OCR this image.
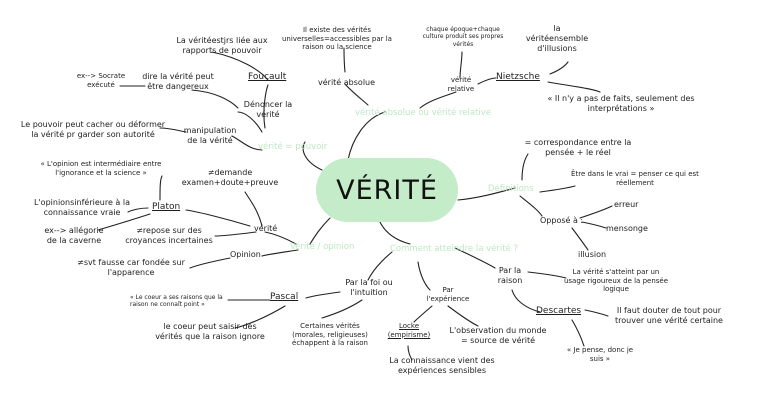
VÉRITÉ
vérité = pouvoir
vérité absolue ou vérité relative
Définitions
Comment atteindre la vérité ?
Vérité / opinion
La véritéestjrs liée aux rapports de pouvoir
Foucault
ex--> Socrate exécuté
dire la vérité peut être dangereux
Dénoncer la vérité
Le pouvoir peut cacher ou déformer la vérité pr garder son autorité	manipulation de la vérité
Il existe des vérités universelles=accessibles par la raison ou la science
vérité absolue
chaque époque+chaque culture produit ses propres vérités
vérité relative
Nietzsche
la véritéensemble d'illusions
« Il n'y a pas de faits, seulement des interprétations »
= correspondance entre la pensée + le réel
Être dans le vrai = penser ce qui est réellement
Opposé à :
erreur
mensonge
illusion
« L'opinion est intermédiaire entre l'ignorance et la science »	≠demande examen+doute+preuve
Platon
L'opinionsinférieure à la connaissance vraie
ex--> allégorie de la caverne
≠repose sur des croyances incertaines
vérité
Opinion
≠svt fausse car fondée sur l'apparence
Par la foi ou l'intuition
Pascal
« Le coeur a ses raisons que la raison ne connaît point »
le coeur peut saisir des vérités que la raison ignore
Certaines vérités (morales, religieuses) échappent à la raison
Par l'expérience
Locke (empirisme)	L'observation du monde = source de vérité
La connaissance vient des expériences sensibles
Par la raison
La vérité s'atteint par un usage rigoureux de la pensée logique
Descartes	Il faut douter de tout pour trouver une vérité certaine
« Je pense, donc je suis »
